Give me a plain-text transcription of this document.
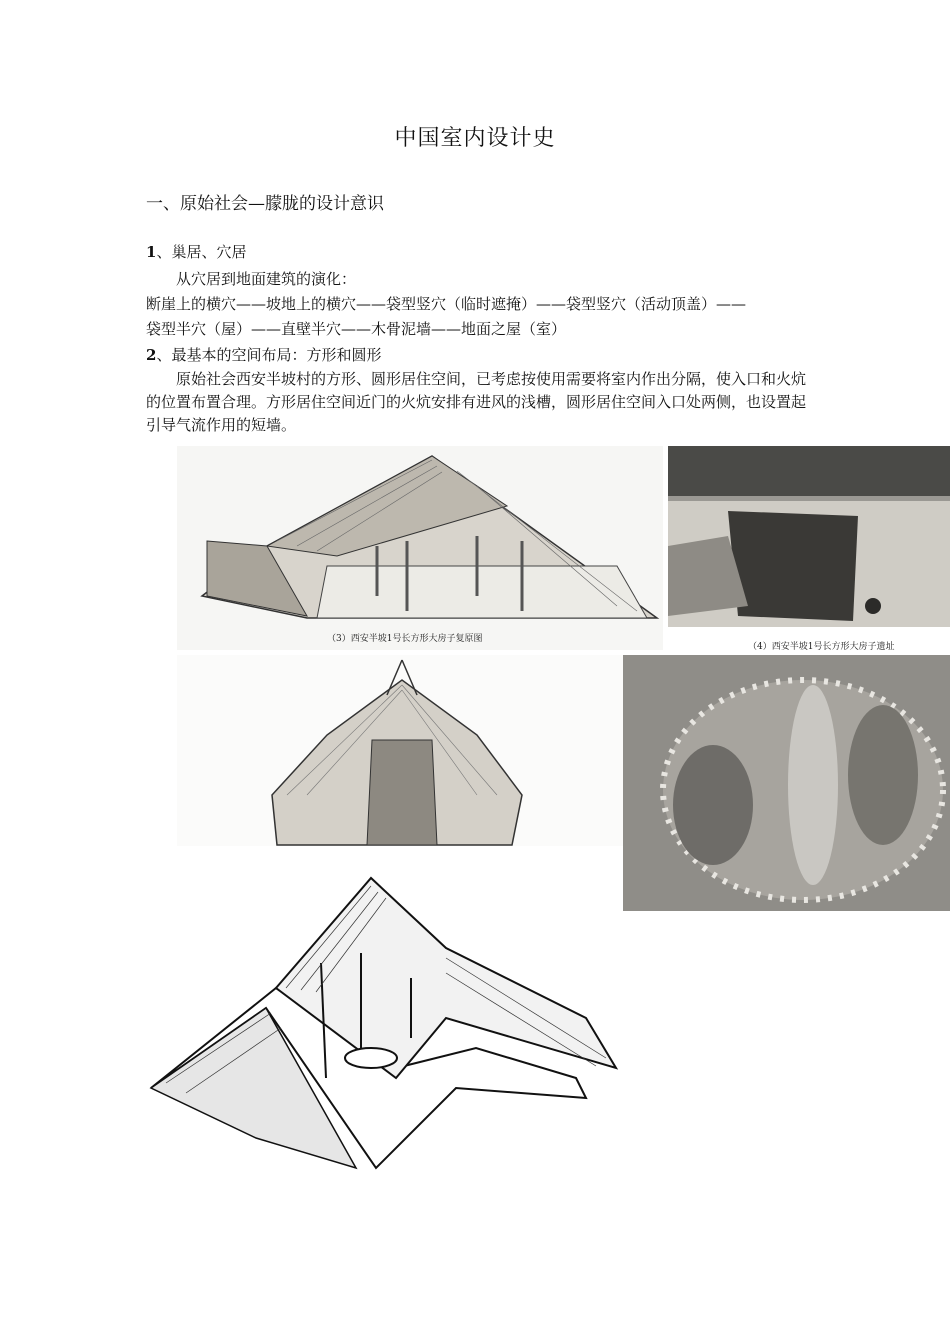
中国室内设计史
一、原始社会—朦胧的设计意识
1、巢居、穴居
从穴居到地面建筑的演化：
断崖上的横穴——坡地上的横穴——袋型竖穴（临时遮掩）——袋型竖穴（活动顶盖）——
袋型半穴（屋）——直壁半穴——木骨泥墙——地面之屋（室）
2、最基本的空间布局：方形和圆形
原始社会西安半坡村的方形、圆形居住空间，已考虑按使用需要将室内作出分隔，使入口和火炕的位置布置合理。方形居住空间近门的火炕安排有进风的浅槽，圆形居住空间入口处两侧，也设置起引导气流作用的短墙。
（3）西安半坡1号长方形大房子复原图
（4）西安半坡1号长方形大房子遗址
